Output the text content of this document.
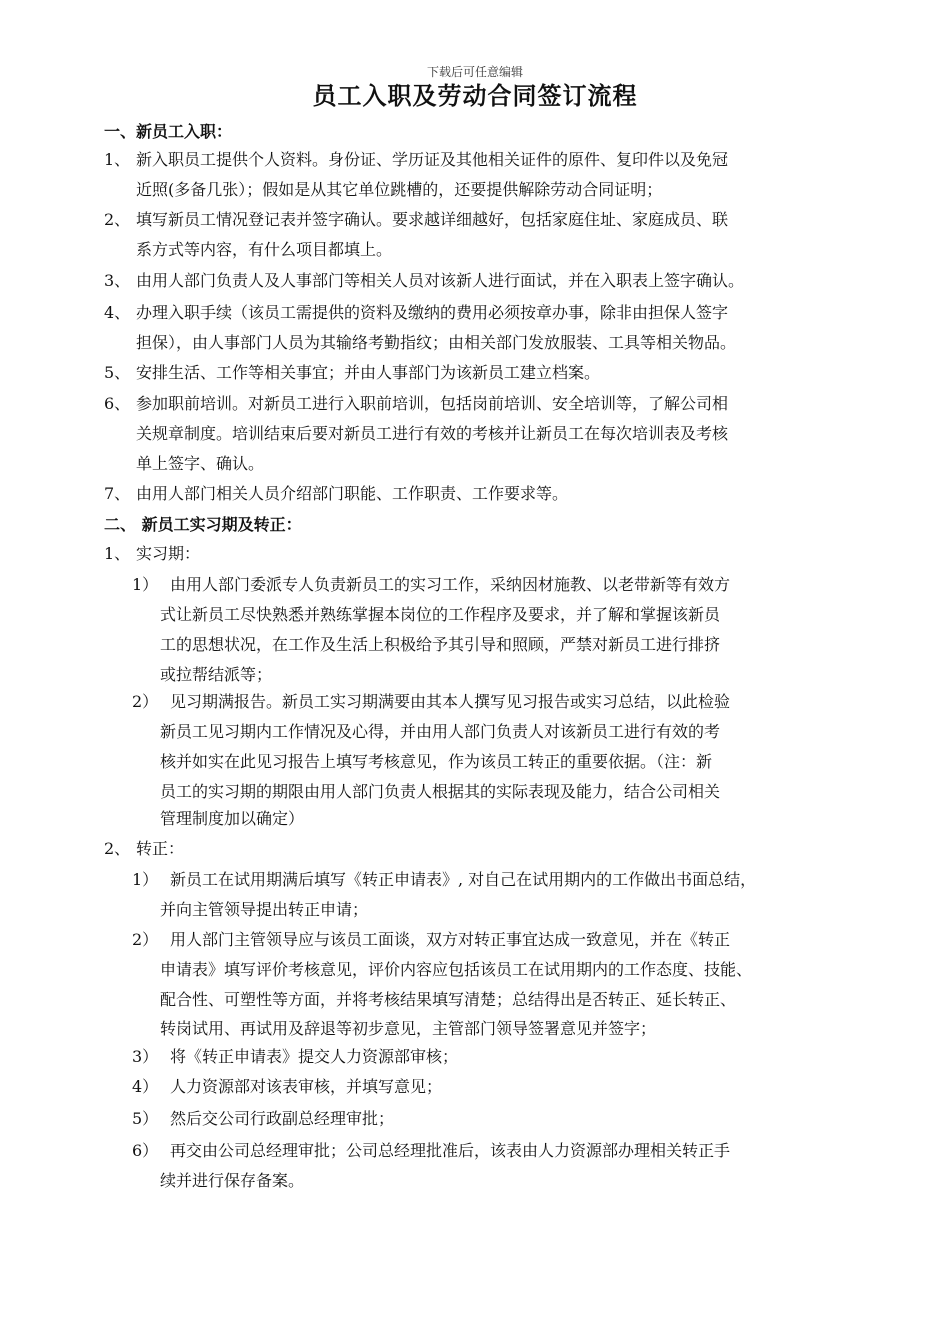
下载后可任意编辑
员工入职及劳动合同签订流程
一、新员工入职：
1、 新入职员工提供个人资料。身份证、学历证及其他相关证件的原件、复印件以及免冠
近照(多备几张）；假如是从其它单位跳槽的，还要提供解除劳动合同证明；
2、 填写新员工情况登记表并签字确认。要求越详细越好，包括家庭住址、家庭成员、联
系方式等内容，有什么项目都填上。
3、 由用人部门负责人及人事部门等相关人员对该新人进行面试，并在入职表上签字确认。
4、 办理入职手续（该员工需提供的资料及缴纳的费用必须按章办事，除非由担保人签字
担保），由人事部门人员为其输络考勤指纹；由相关部门发放服装、工具等相关物品。
5、 安排生活、工作等相关事宜；并由人事部门为该新员工建立档案。
6、 参加职前培训。对新员工进行入职前培训，包括岗前培训、安全培训等，了解公司相
关规章制度。培训结束后要对新员工进行有效的考核并让新员工在每次培训表及考核
单上签字、确认。
7、 由用人部门相关人员介绍部门职能、工作职责、工作要求等。
二、 新员工实习期及转正：
1、 实习期：
1） 由用人部门委派专人负责新员工的实习工作，采纳因材施教、以老带新等有效方
式让新员工尽快熟悉并熟练掌握本岗位的工作程序及要求，并了解和掌握该新员
工的思想状况，在工作及生活上积极给予其引导和照顾，严禁对新员工进行排挤
或拉帮结派等；
2） 见习期满报告。新员工实习期满要由其本人撰写见习报告或实习总结，以此检验
新员工见习期内工作情况及心得，并由用人部门负责人对该新员工进行有效的考
核并如实在此见习报告上填写考核意见，作为该员工转正的重要依据。（注：新
员工的实习期的期限由用人部门负责人根据其的实际表现及能力，结合公司相关
管理制度加以确定）
2、 转正：
1） 新员工在试用期满后填写《转正申请表》, 对自己在试用期内的工作做出书面总结，
并向主管领导提出转正申请；
2） 用人部门主管领导应与该员工面谈，双方对转正事宜达成一致意见，并在《转正
申请表》填写评价考核意见，评价内容应包括该员工在试用期内的工作态度、技能、
配合性、可塑性等方面，并将考核结果填写清楚；总结得出是否转正、延长转正、
转岗试用、再试用及辞退等初步意见，主管部门领导签署意见并签字；
3） 将《转正申请表》提交人力资源部审核；
4） 人力资源部对该表审核，并填写意见；
5） 然后交公司行政副总经理审批；
6） 再交由公司总经理审批；公司总经理批准后，该表由人力资源部办理相关转正手
续并进行保存备案。
